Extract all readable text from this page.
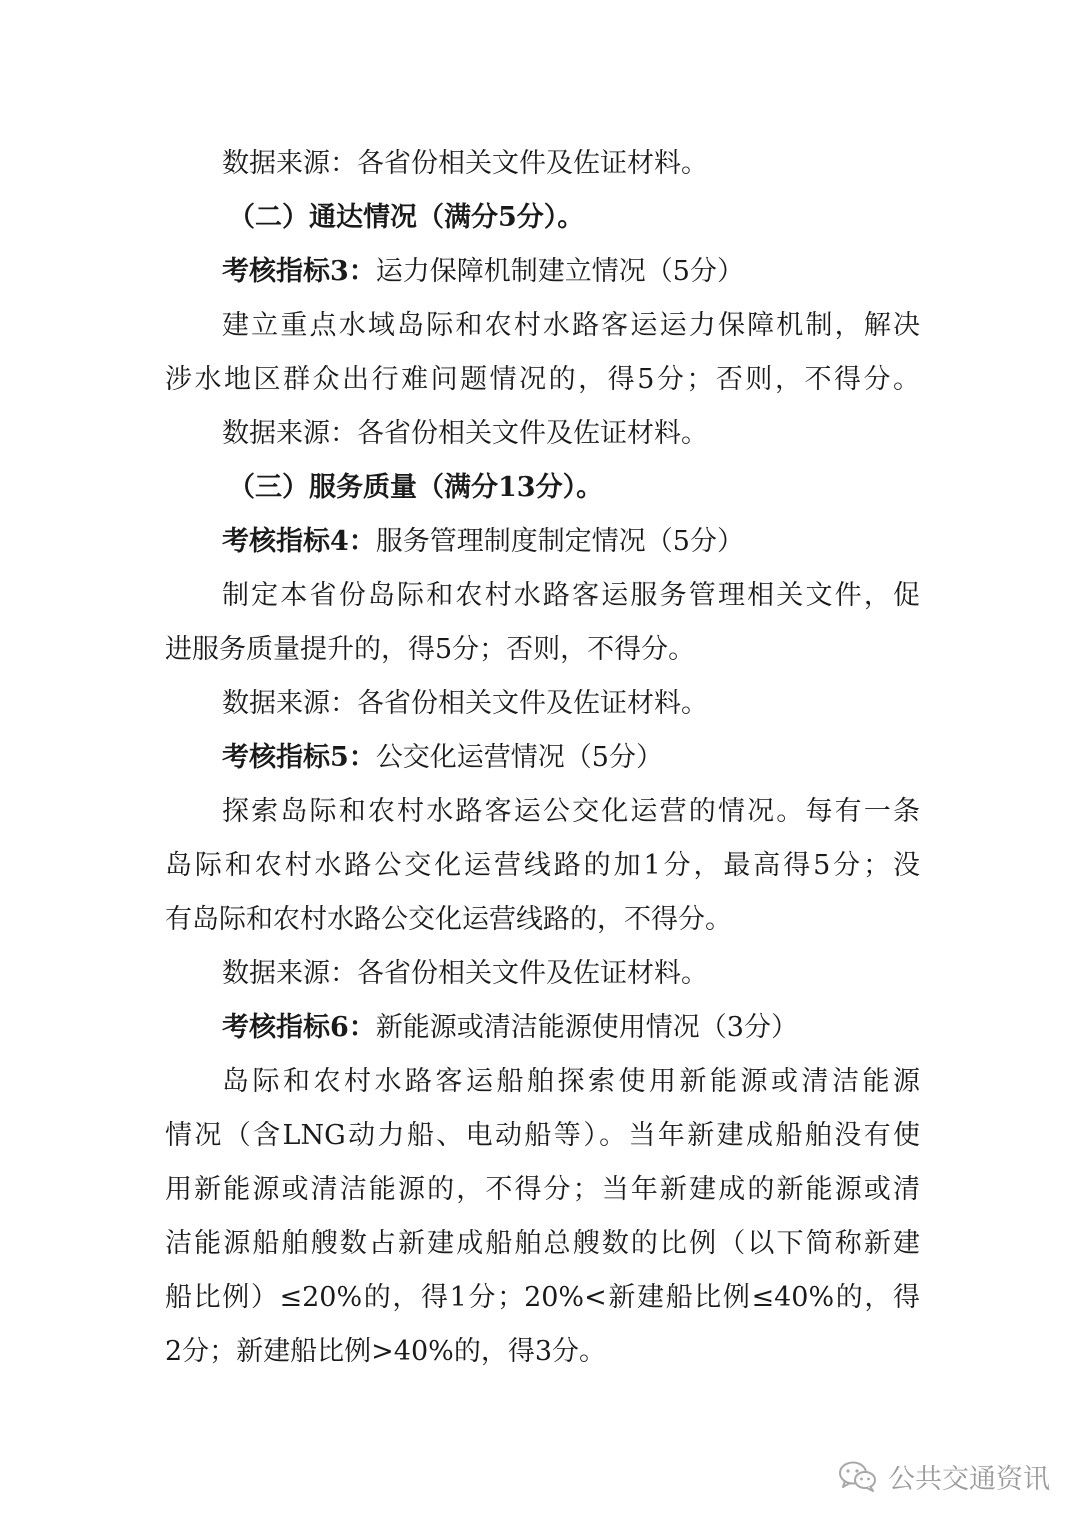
数据来源：各省份相关文件及佐证材料。
（二）通达情况（满分5分）。
考核指标3：运力保障机制建立情况（5分）
建立重点水域岛际和农村水路客运运力保障机制，解决
涉水地区群众出行难问题情况的，得5分；否则，不得分。
数据来源：各省份相关文件及佐证材料。
（三）服务质量（满分13分）。
考核指标4：服务管理制度制定情况（5分）
制定本省份岛际和农村水路客运服务管理相关文件，促
进服务质量提升的，得5分；否则，不得分。
数据来源：各省份相关文件及佐证材料。
考核指标5：公交化运营情况（5分）
探索岛际和农村水路客运公交化运营的情况。每有一条
岛际和农村水路公交化运营线路的加1分，最高得5分；没
有岛际和农村水路公交化运营线路的，不得分。
数据来源：各省份相关文件及佐证材料。
考核指标6：新能源或清洁能源使用情况（3分）
岛际和农村水路客运船舶探索使用新能源或清洁能源
情况（含LNG动力船、电动船等）。当年新建成船舶没有使
用新能源或清洁能源的，不得分；当年新建成的新能源或清
洁能源船舶艘数占新建成船舶总艘数的比例（以下简称新建
船比例）≤20%的，得1分；20%<新建船比例≤40%的，得
2分；新建船比例>40%的，得3分。
公共交通资讯
